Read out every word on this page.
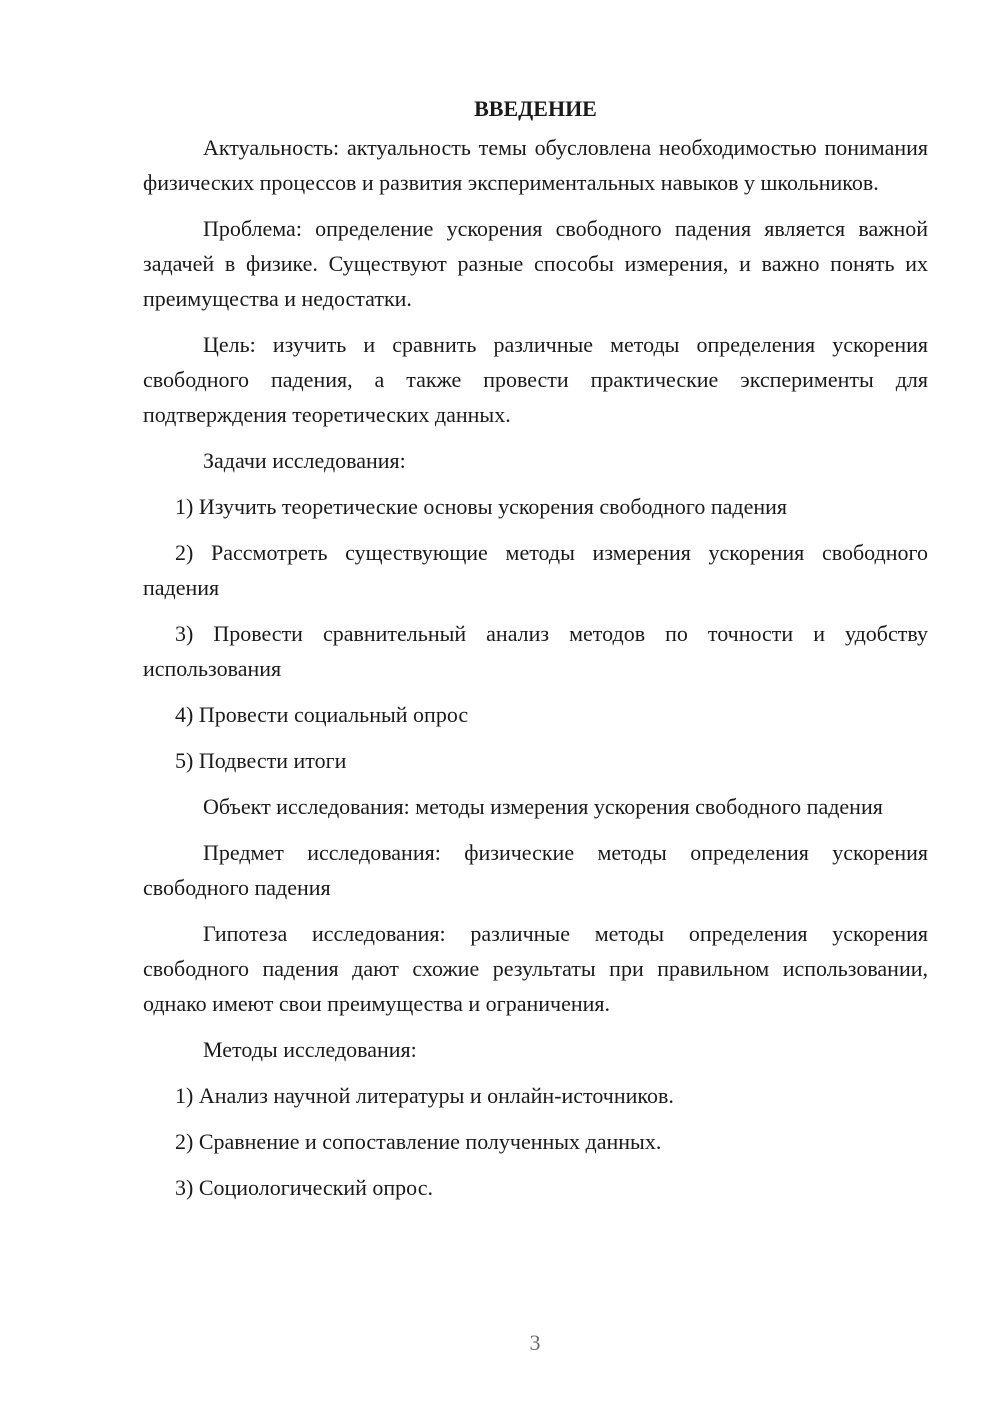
ВВЕДЕНИЕ

Актуальность: актуальность темы обусловлена необходимостью понимания физических процессов и развития экспериментальных навыков у школьников.

Проблема: определение ускорения свободного падения является важной задачей в физике. Существуют разные способы измерения, и важно понять их преимущества и недостатки.

Цель: изучить и сравнить различные методы определения ускорения свободного падения, а также провести практические эксперименты для подтверждения теоретических данных.

Задачи исследования:

1) Изучить теоретические основы ускорения свободного падения

2) Рассмотреть существующие методы измерения ускорения свободного падения

3) Провести сравнительный анализ методов по точности и удобству использования

4) Провести социальный опрос

5) Подвести итоги

Объект исследования: методы измерения ускорения свободного падения

Предмет исследования: физические методы определения ускорения свободного падения

Гипотеза исследования: различные методы определения ускорения свободного падения дают схожие результаты при правильном использовании, однако имеют свои преимущества и ограничения.

Методы исследования:

1) Анализ научной литературы и онлайн-источников.

2) Сравнение и сопоставление полученных данных.

3) Социологический опрос.

3
